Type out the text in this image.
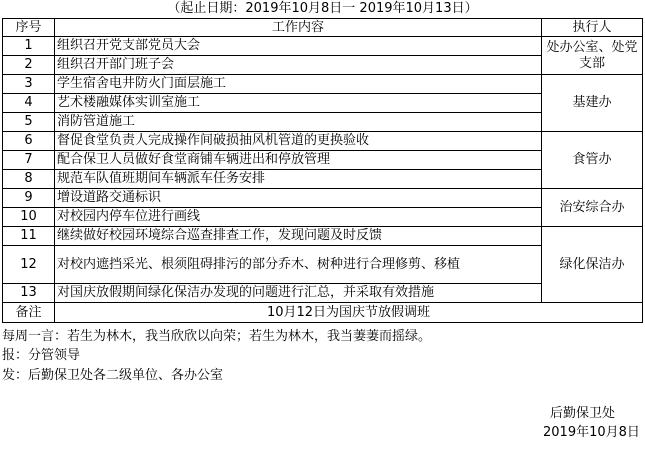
（起止日期：2019年10月8日一 2019年10月13日）
序号	工作内容	执行人
1	组织召开党支部党员大会	处办公室、处党支部
2	组织召开部门班子会	
3	学生宿舍电井防火门面层施工	基建办
4	艺术楼融媒体实训室施工	
5	消防管道施工	
6	督促食堂负责人完成操作间破损抽风机管道的更换验收	食管办
7	配合保卫人员做好食堂商铺车辆进出和停放管理	
8	规范车队值班期间车辆派车任务安排	
9	增设道路交通标识	治安综合办
10	对校园内停车位进行画线	
11	继续做好校园环境综合巡查排查工作，发现问题及时反馈	绿化保洁办
12	对校内遮挡采光、根须阻碍排污的部分乔木、树种进行合理修剪、移植	
13	对国庆放假期间绿化保洁办发现的问题进行汇总，并采取有效措施	
备注	10月12日为国庆节放假调班	
每周一言：若生为林木，我当欣欣以向荣；若生为林木，我当萋萋而摇绿。
报：分管领导
发：后勤保卫处各二级单位、各办公室
后勤保卫处
2019年10月8日
